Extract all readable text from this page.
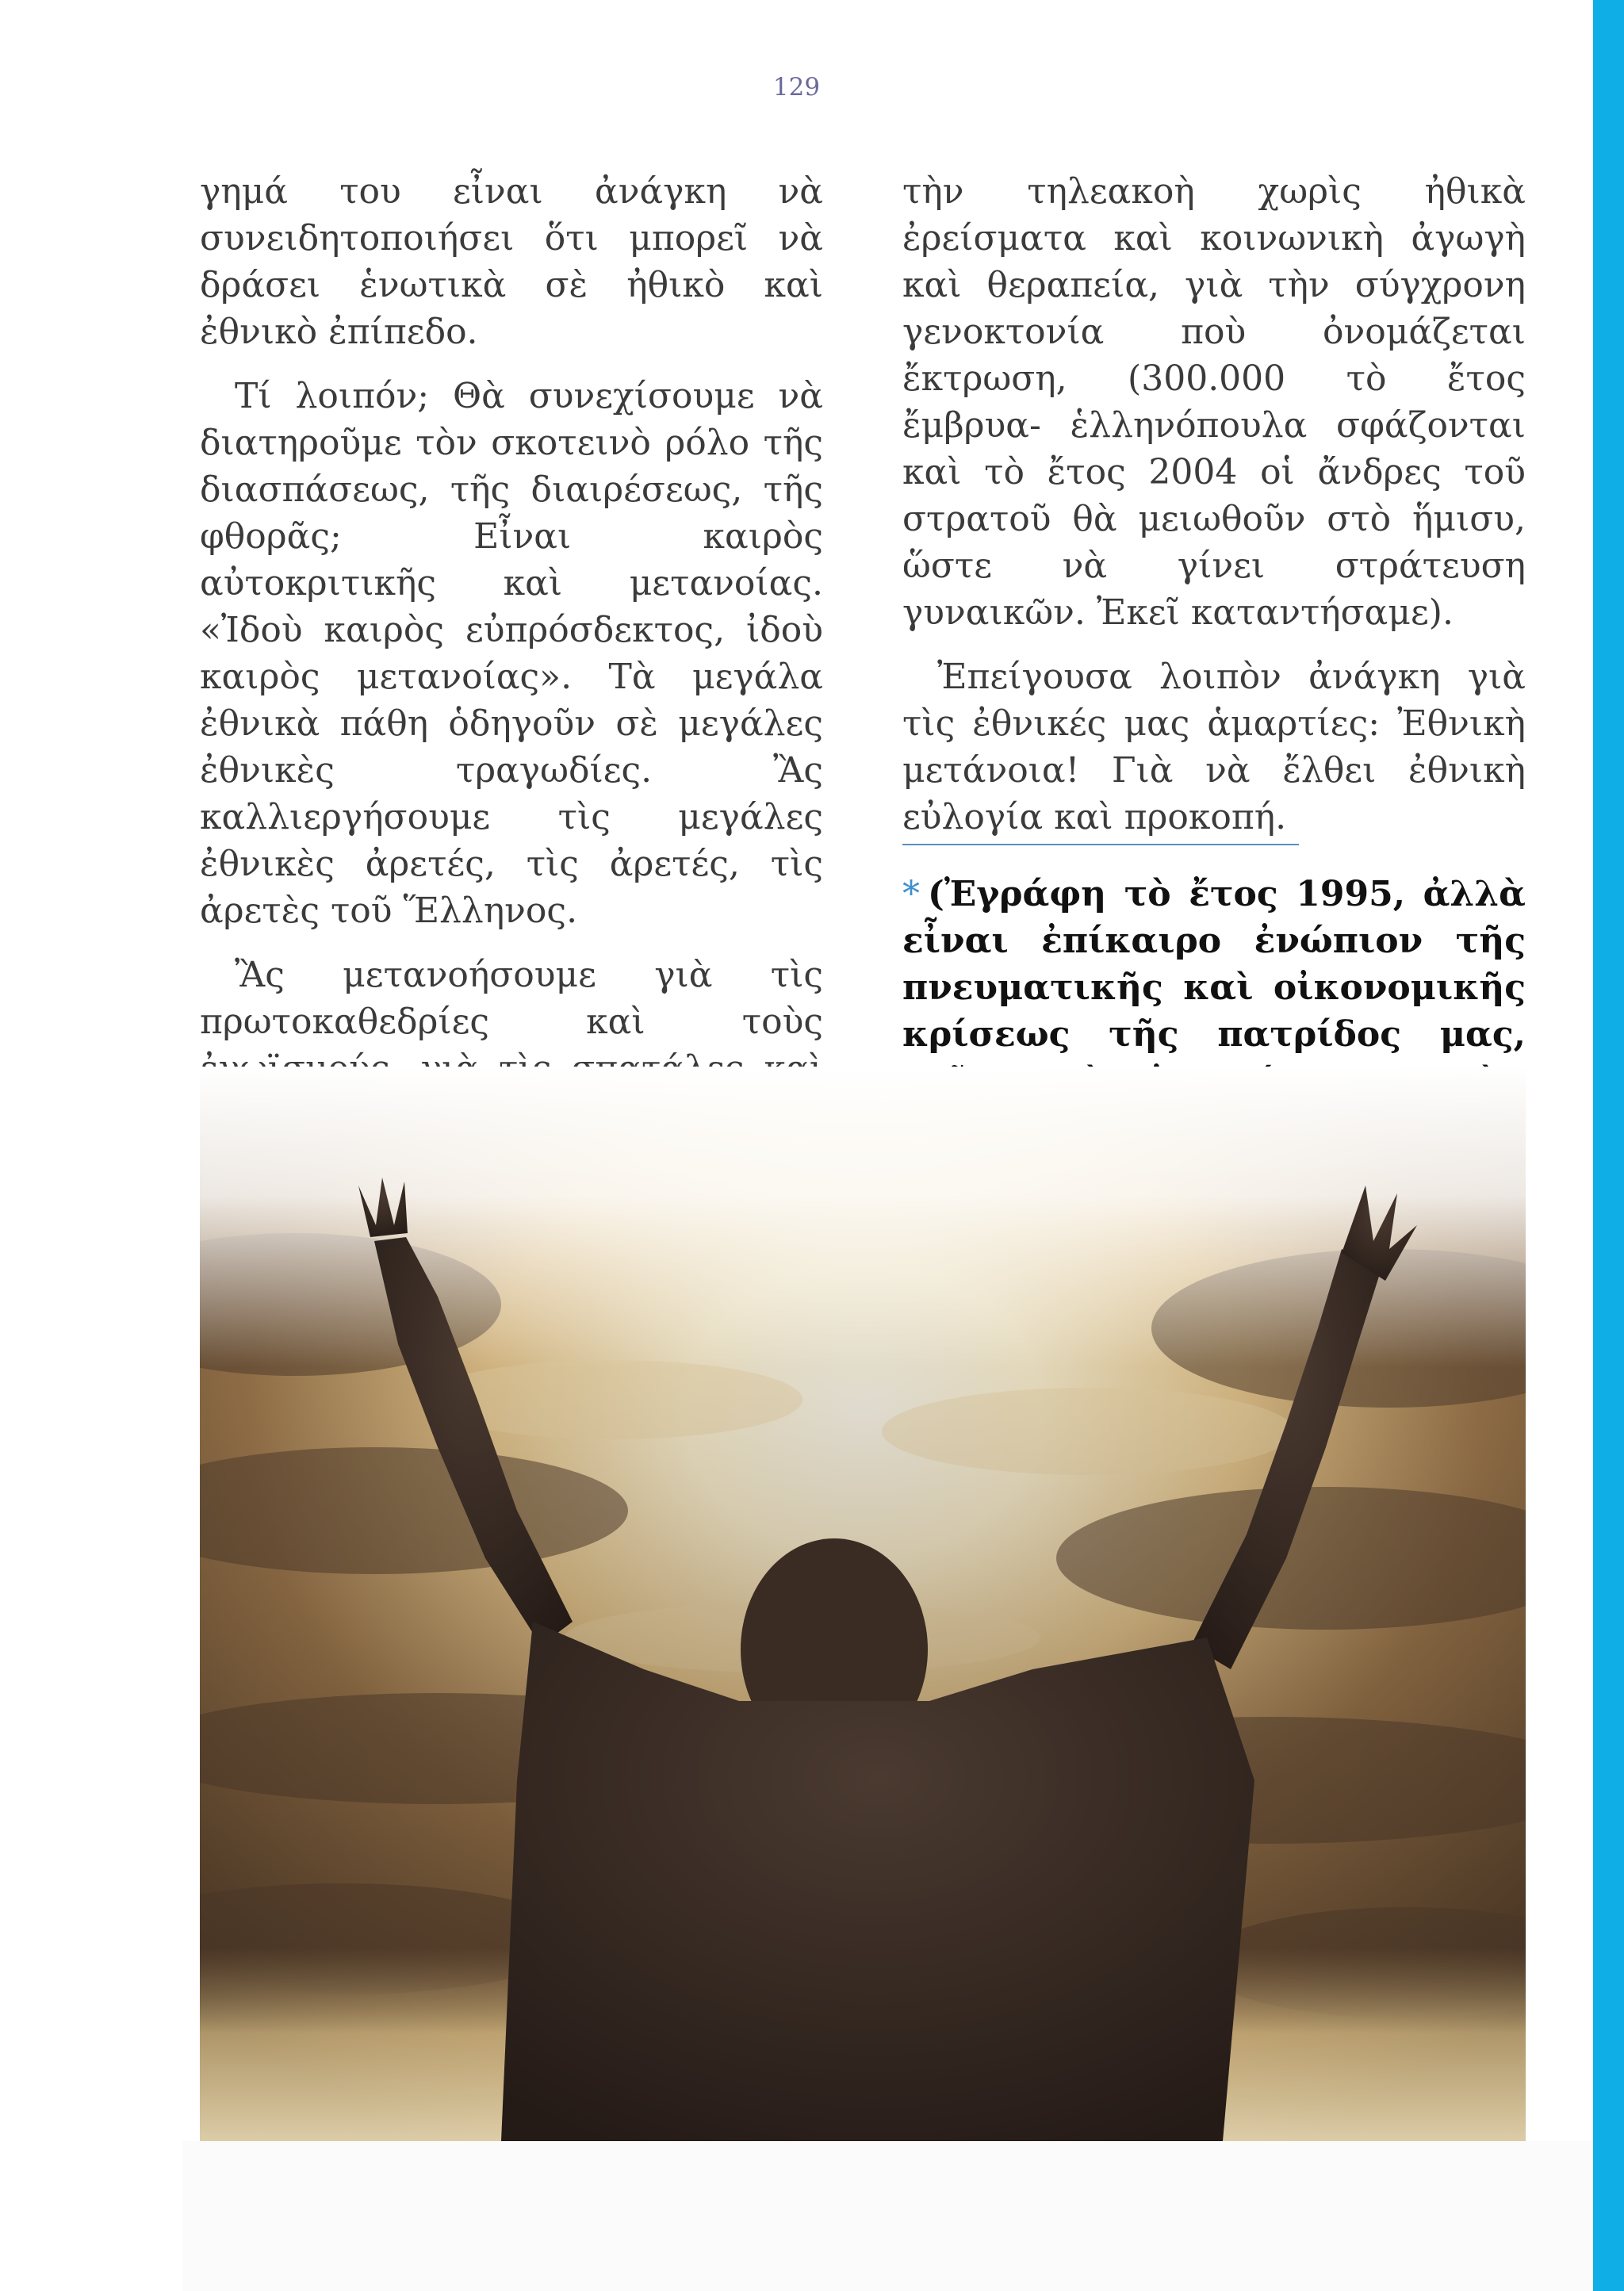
129

γημά του εἶναι ἀνάγκη νὰ συνειδητοποιήσει ὅτι μπορεῖ νὰ δράσει ἑνωτικὰ σὲ ἠθικὸ καὶ ἐθνικὸ ἐπίπεδο.

Τί λοιπόν; Θὰ συνεχίσουμε νὰ διατηροῦμε τὸν σκοτεινὸ ρόλο τῆς διασπάσεως, τῆς διαιρέσεως, τῆς φθορᾶς; Εἶναι καιρὸς αὐτοκριτικῆς καὶ μετανοίας. «Ἰδοὺ καιρὸς εὐπρόσδεκτος, ἰδοὺ καιρὸς μετανοίας». Τὰ μεγάλα ἐθνικὰ πάθη ὁδηγοῦν σὲ μεγάλες ἐθνικὲς τραγωδίες. Ἂς καλλιεργήσουμε τὶς μεγάλες ἐθνικὲς ἀρετές, τὶς ἀρετές, τὶς ἀρετὲς τοῦ Ἕλληνος.

Ἂς μετανοήσουμε γιὰ τὶς πρωτοκαθεδρίες καὶ τοὺς

τὴν τηλεακοὴ χωρὶς ἠθικὰ ἐρείσματα καὶ κοινωνικὴ ἀγωγὴ καὶ θεραπεία, γιὰ τὴν σύγχρονη γενοκτονία ποὺ ὀνομάζεται ἔκτρωση, (300.000 τὸ ἔτος ἔμβρυα- ἑλληνόπουλα σφάζονται καὶ τὸ ἔτος 2004 οἱ ἄνδρες τοῦ στρατοῦ θὰ μειωθοῦν στὸ ἥμισυ, ὥστε νὰ γίνει στράτευση γυναικῶν. Ἐκεῖ καταντήσαμε).

Ἐπείγουσα λοιπὸν ἀνάγκη γιὰ τὶς ἐθνικές μας ἁμαρτίες: Ἐθνικὴ μετάνοια! Γιὰ νὰ ἔλθει ἐθνικὴ εὐλογία καὶ προκοπή.

* (Ἐγράφη τὸ ἔτος 1995, ἀλλὰ εἶναι ἐπίκαιρο ἐνώπιον τῆς πνευματικῆς καὶ οἰκονομικῆς κρίσεως τῆς πατρίδος μας,
